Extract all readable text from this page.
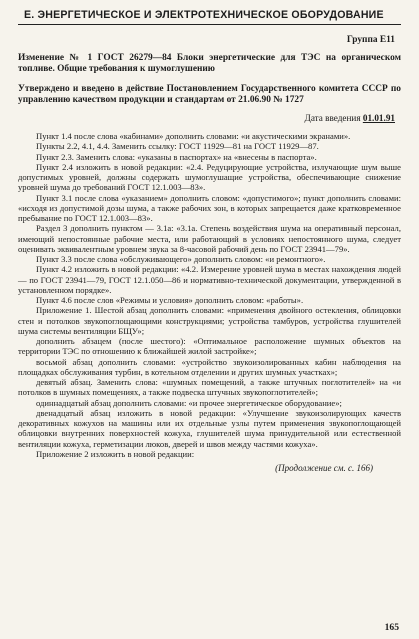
Е. ЭНЕРГЕТИЧЕСКОЕ И ЭЛЕКТРОТЕХНИЧЕСКОЕ ОБОРУДОВАНИЕ
Группа Е11
Изменение № 1 ГОСТ 26279—84 Блоки энергетические для ТЭС на органическом топливе. Общие требования к шумоглушению
Утверждено и введено в действие Постановлением Государственного комитета СССР по управлению качеством продукции и стандартам от 21.06.90 № 1727
Дата введения 01.01.91

Пункт 1.4 после слова «кабинами» дополнить словами: «и акустическими экранами».

Пункты 2.2, 4.1, 4.4. Заменить ссылку: ГОСТ 11929—81 на ГОСТ 11929—87.

Пункт 2.3. Заменить слова: «указаны в паспортах» на «внесены в паспорта».

Пункт 2.4 изложить в новой редакции: «2.4. Редуцирующие устройства, излучающие шум выше допустимых уровней, должны содержать шумоглушащие устройства, обеспечивающие снижение уровней шума до требований ГОСТ 12.1.003—83».

Пункт 3.1 после слова «указанием» дополнить словом: «допустимого»; пункт дополнить словами: «исходя из допустимой дозы шума, а также рабочих зон, в которых запрещается даже кратковременное пребывание по ГОСТ 12.1.003—83».

Раздел 3 дополнить пунктом — 3.1а: «3.1а. Степень воздействия шума на оперативный персонал, имеющий непостоянные рабочие места, или работающий в условиях непостоянного шума, следует оценивать эквивалентным уровнем звука за 8-часовой рабочий день по ГОСТ 23941—79».

Пункт 3.3 после слова «обслуживающего» дополнить словом: «и ремонтного».

Пункт 4.2 изложить в новой редакции: «4.2. Измерение уровней шума в местах нахождения людей — по ГОСТ 23941—79, ГОСТ 12.1.050—86 и нормативно-технической документации, утвержденной в установленном порядке».

Пункт 4.6 после слов «Режимы и условия» дополнить словом: «работы».

Приложение 1. Шестой абзац дополнить словами: «применения двойного остекления, облицовки стен и потолков звукопоглощающими конструкциями; устройства тамбуров, устройства глушителей шума системы вентиляции БЩУ»;

дополнить абзацем (после шестого): «Оптимальное расположение шумных объектов на территории ТЭС по отношению к ближайшей жилой застройке»;

восьмой абзац дополнить словами: «устройство звукоизолированных кабин наблюдения на площадках обслуживания турбин, в котельном отделении и других шумных участках»;

девятый абзац. Заменить слова: «шумных помещений, а также штучных поглотителей» на «и потолков в шумных помещениях, а также подвеска штучных звукопоглотителей»;

одиннадцатый абзац дополнить словами: «и прочее энергетическое оборудование»;

двенадцатый абзац изложить в новой редакции: «Улучшение звукоизолирующих качеств декоративных кожухов на машины или их отдельные узлы путем применения звукопоглощающей облицовки внутренних поверхностей кожуха, глушителей шума принудительной или естественной вентиляции кожуха, герметизации люков, дверей и швов между частями кожуха».

Приложение 2 изложить в новой редакции:

(Продолжение см. с. 166)
165
